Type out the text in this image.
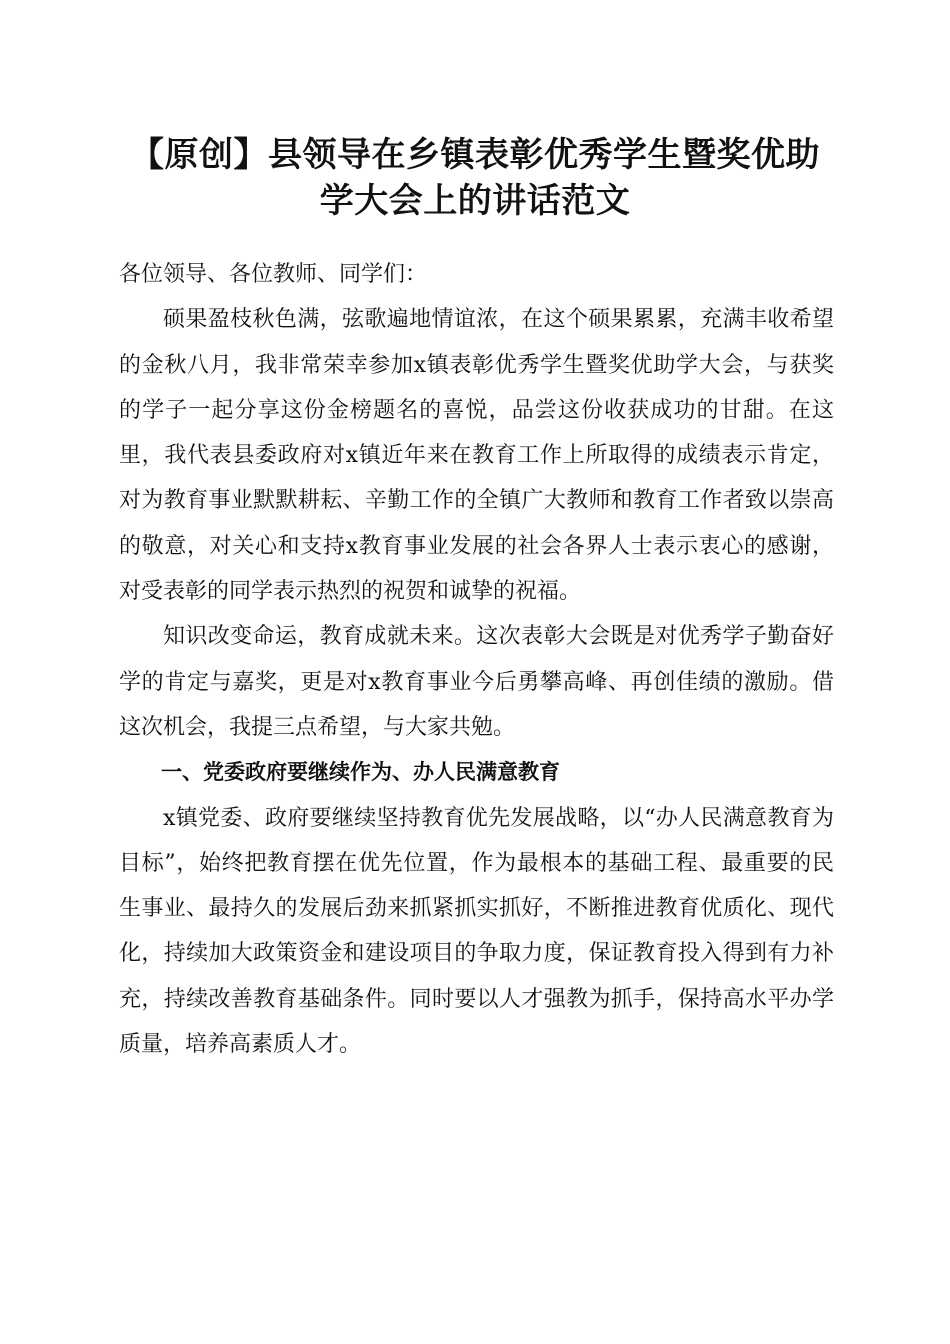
【原创】县领导在乡镇表彰优秀学生暨奖优助
学大会上的讲话范文

各位领导、各位教师、同学们：

硕果盈枝秋色满，弦歌遍地情谊浓，在这个硕果累累，充满丰收希望的金秋八月，我非常荣幸参加x镇表彰优秀学生暨奖优助学大会，与获奖的学子一起分享这份金榜题名的喜悦，品尝这份收获成功的甘甜。在这里，我代表县委政府对x镇近年来在教育工作上所取得的成绩表示肯定，对为教育事业默默耕耘、辛勤工作的全镇广大教师和教育工作者致以崇高的敬意，对关心和支持x教育事业发展的社会各界人士表示衷心的感谢，对受表彰的同学表示热烈的祝贺和诚挚的祝福。

知识改变命运，教育成就未来。这次表彰大会既是对优秀学子勤奋好学的肯定与嘉奖，更是对x教育事业今后勇攀高峰、再创佳绩的激励。借这次机会，我提三点希望，与大家共勉。

一、党委政府要继续作为、办人民满意教育

x镇党委、政府要继续坚持教育优先发展战略，以“办人民满意教育为目标”，始终把教育摆在优先位置，作为最根本的基础工程、最重要的民生事业、最持久的发展后劲来抓紧抓实抓好，不断推进教育优质化、现代化，持续加大政策资金和建设项目的争取力度，保证教育投入得到有力补充，持续改善教育基础条件。同时要以人才强教为抓手，保持高水平办学质量，培养高素质人才。
